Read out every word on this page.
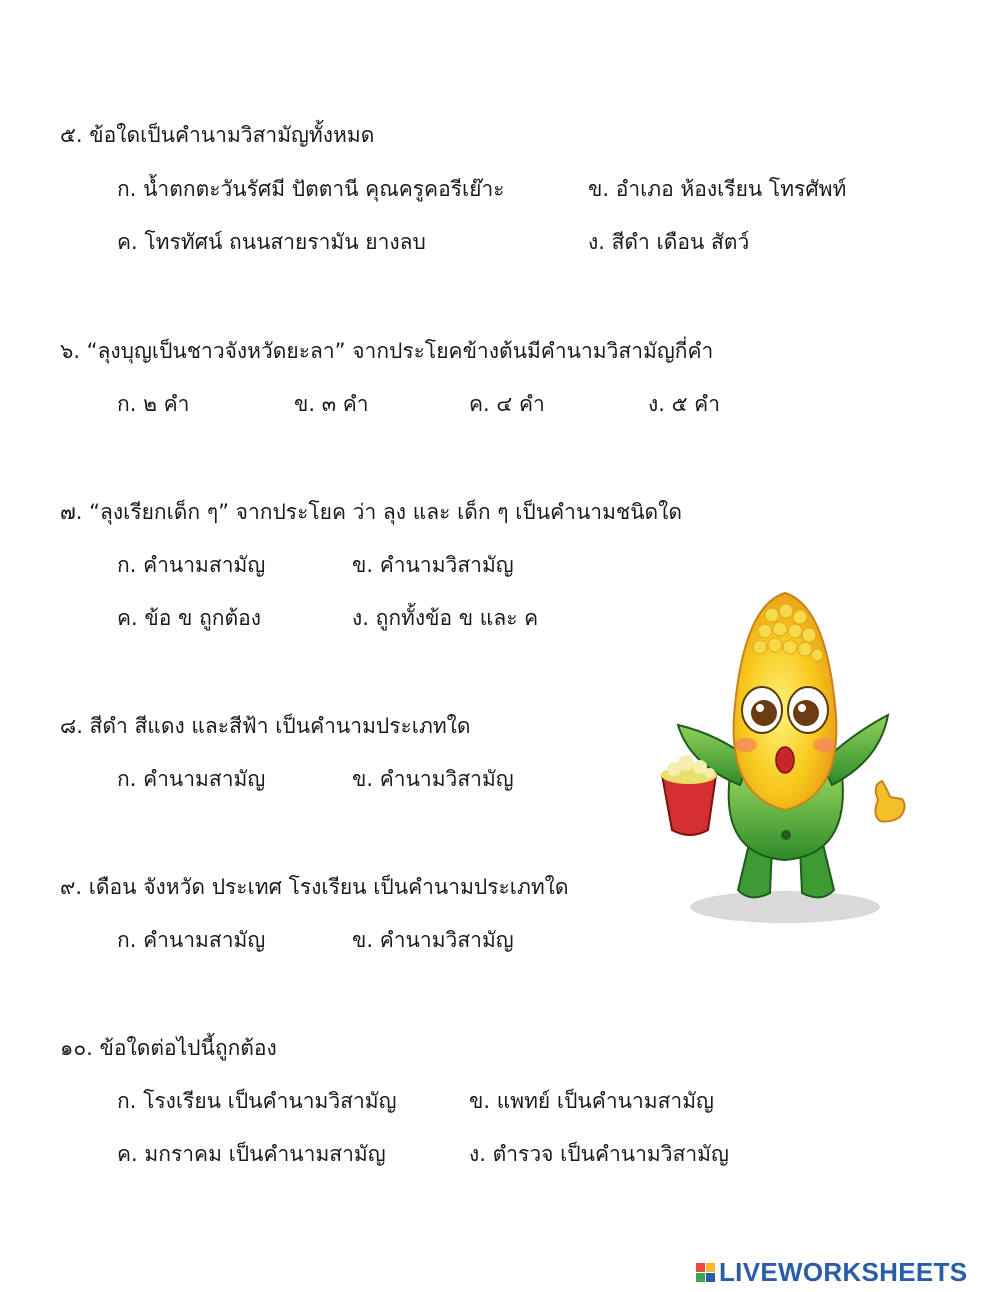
๕. ข้อใดเป็นคำนามวิสามัญทั้งหมด
ก. น้ำตกตะวันรัศมี ปัตตานี คุณครูคอรีเย๊าะ	ข. อำเภอ ห้องเรียน โทรศัพท์
ค. โทรทัศน์ ถนนสายรามัน ยางลบ	ง. สีดำ เดือน สัตว์
๖. “ลุงบุญเป็นชาวจังหวัดยะลา” จากประโยคข้างต้นมีคำนามวิสามัญกี่คำ
ก. ๒ คำ	ข. ๓ คำ	ค. ๔ คำ	ง. ๕ คำ
๗. “ลุงเรียกเด็ก ๆ” จากประโยค ว่า ลุง และ เด็ก ๆ เป็นคำนามชนิดใด
ก. คำนามสามัญ	ข. คำนามวิสามัญ
ค. ข้อ ข ถูกต้อง	ง. ถูกทั้งข้อ ข และ ค
๘. สีดำ สีแดง และสีฟ้า เป็นคำนามประเภทใด
ก. คำนามสามัญ	ข. คำนามวิสามัญ
๙. เดือน จังหวัด ประเทศ โรงเรียน เป็นคำนามประเภทใด
ก. คำนามสามัญ	ข. คำนามวิสามัญ
๑๐. ข้อใดต่อไปนี้ถูกต้อง
ก. โรงเรียน เป็นคำนามวิสามัญ	ข. แพทย์ เป็นคำนามสามัญ
ค. มกราคม เป็นคำนามสามัญ	ง. ตำรวจ เป็นคำนามวิสามัญ
LIVEWORKSHEETS
